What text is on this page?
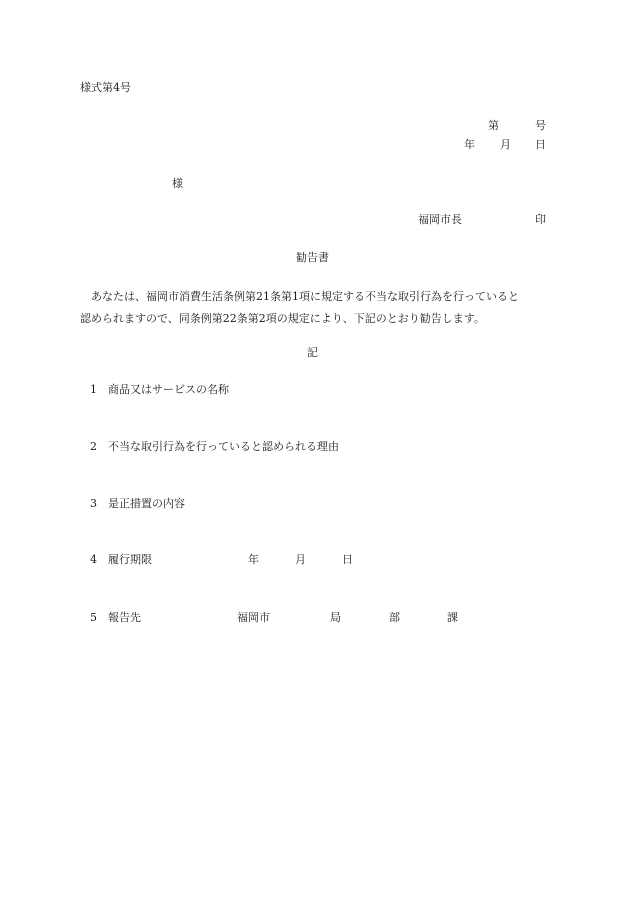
様式第4号
第	号
年 月 日
様
福岡市長	印
勧告書
あなたは、福岡市消費生活条例第21条第1項に規定する不当な取引行為を行っていると
認められますので、同条例第22条第2項の規定により、下記のとおり勧告します。
記
1 商品又はサービスの名称
2 不当な取引行為を行っていると認められる理由
3 是正措置の内容
4 履行期限	年	月	日
5 報告先	福岡市	局	部	課
